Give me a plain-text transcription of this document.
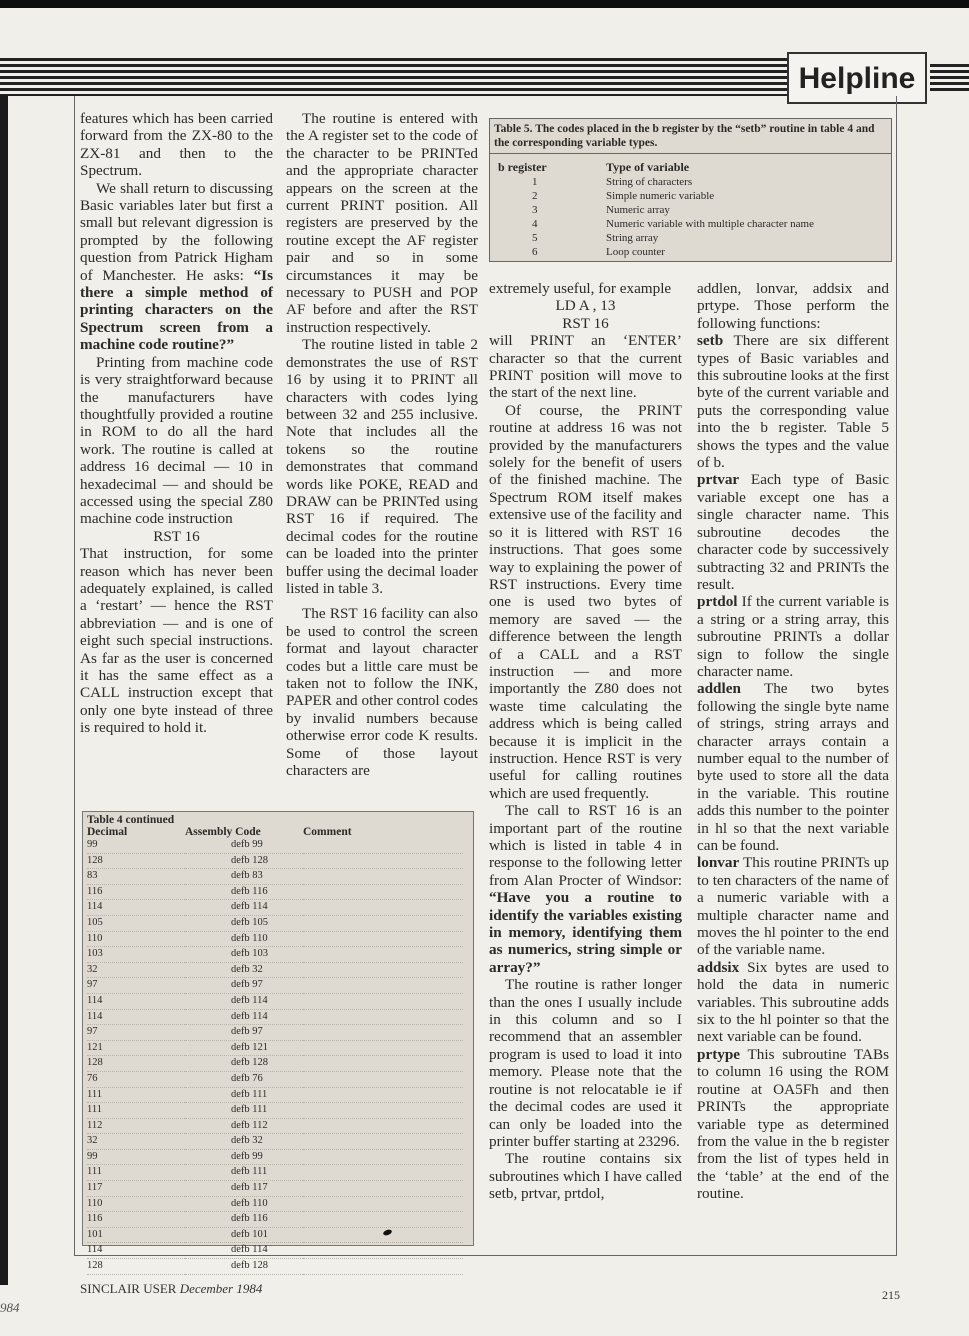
Helpline
984

features which has been carried forward from the ZX-80 to the ZX-81 and then to the Spectrum.

We shall return to discussing Basic variables later but first a small but relevant digression is prompted by the following question from Patrick Higham of Manchester. He asks: “Is there a simple method of printing characters on the Spectrum screen from a machine code routine?”

Printing from machine code is very straightforward because the manufacturers have thoughtfully provided a routine in ROM to do all the hard work. The routine is called at address 16 decimal — 10 in hexadecimal — and should be accessed using the special Z80 machine code instruction

RST 16

That instruction, for some reason which has never been adequately explained, is called a ‘restart’ — hence the RST abbreviation — and is one of eight such special instructions. As far as the user is concerned it has the same effect as a CALL instruction except that only one byte instead of three is required to hold it.

The routine is entered with the A register set to the code of the character to be PRINTed and the appropriate character appears on the screen at the current PRINT position. All registers are preserved by the routine except the AF register pair and so in some circumstances it may be necessary to PUSH and POP AF before and after the RST instruction respectively.

The routine listed in table 2 demonstrates the use of RST 16 by using it to PRINT all characters with codes lying between 32 and 255 inclusive. Note that includes all the tokens so the routine demonstrates that command words like POKE, READ and DRAW can be PRINTed using RST 16 if required. The decimal codes for the routine can be loaded into the printer buffer using the decimal loader listed in table 3.

The RST 16 facility can also be used to control the screen format and layout character codes but a little care must be taken not to follow the INK, PAPER and other control codes by invalid numbers because otherwise error code K results. Some of those layout characters are

Table 5. The codes placed in the b register by the “setb” routine in table 4 and the corresponding variable types.
b register	Type of variable
1	String of characters
2	Simple numeric variable
3	Numeric array
4	Numeric variable with multiple character name
5	String array
6	Loop counter

extremely useful, for example

LD A , 13

RST 16

will PRINT an ‘ENTER’ character so that the current PRINT position will move to the start of the next line.

Of course, the PRINT routine at address 16 was not provided by the manufacturers solely for the benefit of users of the finished machine. The Spectrum ROM itself makes extensive use of the facility and so it is littered with RST 16 instructions. That goes some way to explaining the power of RST instructions. Every time one is used two bytes of memory are saved — the difference between the length of a CALL and a RST instruction — and more importantly the Z80 does not waste time calculating the address which is being called because it is implicit in the instruction. Hence RST is very useful for calling routines which are used frequently.

The call to RST 16 is an important part of the routine which is listed in table 4 in response to the following letter from Alan Procter of Windsor: “Have you a routine to identify the variables existing in memory, identifying them as numerics, string simple or array?”

The routine is rather longer than the ones I usually include in this column and so I recommend that an assembler program is used to load it into memory. Please note that the routine is not relocatable ie if the decimal codes are used it can only be loaded into the printer buffer starting at 23296.

The routine contains six subroutines which I have called setb, prtvar, prtdol,

addlen, lonvar, addsix and prtype. Those perform the following functions:

setb There are six different types of Basic variables and this subroutine looks at the first byte of the current variable and puts the corresponding value into the b register. Table 5 shows the types and the value of b.

prtvar Each type of Basic variable except one has a single character name. This subroutine decodes the character code by successively subtracting 32 and PRINTs the result.

prtdol If the current variable is a string or a string array, this subroutine PRINTs a dollar sign to follow the single character name.

addlen The two bytes following the single byte name of strings, string arrays and character arrays contain a number equal to the number of byte used to store all the data in the variable. This routine adds this number to the pointer in hl so that the next variable can be found.

lonvar This routine PRINTs up to ten characters of the name of a numeric variable with a multiple character name and moves the hl pointer to the end of the variable name.

addsix Six bytes are used to hold the data in numeric variables. This subroutine adds six to the hl pointer so that the next variable can be found.

prtype This subroutine TABs to column 16 using the ROM routine at OA5Fh and then PRINTs the appropriate variable type as determined from the value in the b register from the list of types held in the ‘table’ at the end of the routine.

Table 4 continued
Decimal	Assembly Code	Comment
99	defb 99	
128	defb 128	
83	defb 83	
116	defb 116	
114	defb 114	
105	defb 105	
110	defb 110	
103	defb 103	
32	defb 32	
97	defb 97	
114	defb 114	
114	defb 114	
97	defb 97	
121	defb 121	
128	defb 128	
76	defb 76	
111	defb 111	
111	defb 111	
112	defb 112	
32	defb 32	
99	defb 99	
111	defb 111	
117	defb 117	
110	defb 110	
116	defb 116	
101	defb 101	
114	defb 114	
128	defb 128	
SINCLAIR USER December 1984	215
